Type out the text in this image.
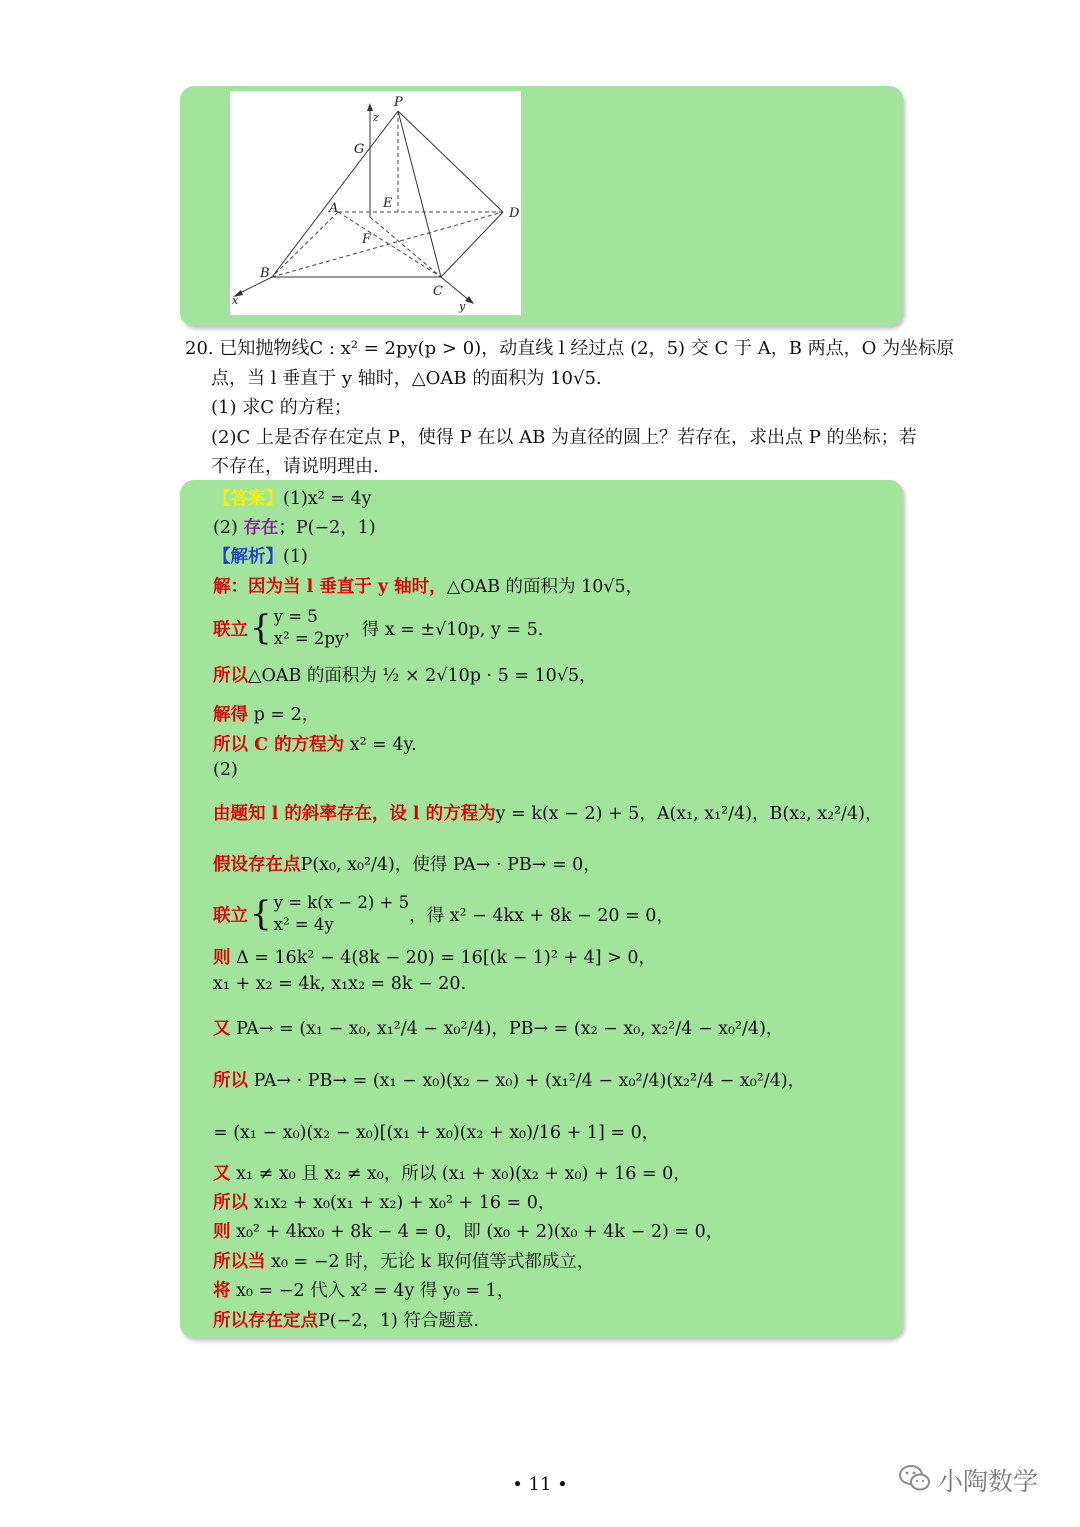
P
z
G
A	E
D
F
B
C
x	y
20. 已知抛物线C : x² = 2py(p > 0)，动直线 l 经过点 (2，5) 交 C 于 A，B 两点，O 为坐标原
点，当 l 垂直于 y 轴时，△OAB 的面积为 10√5.
(1) 求C 的方程；
(2)C 上是否存在定点 P，使得 P 在以 AB 为直径的圆上？若存在，求出点 P 的坐标；若
不存在，请说明理由.
【答案】(1)x² = 4y
(2) 存在；P(−2，1)
【解析】(1)
解：因为当 l 垂直于 y 轴时，△OAB 的面积为 10√5，
联立 { y = 5
x² = 2py ，得 x = ±√10p, y = 5.
所以△OAB 的面积为 ½ × 2√10p · 5 = 10√5，
解得 p = 2，
所以 C 的方程为 x² = 4y.
(2)
由题知 l 的斜率存在，设 l 的方程为y = k(x − 2) + 5，A(x₁, x₁²/4)，B(x₂, x₂²/4)，
假设存在点P(x₀, x₀²/4)，使得 PA→ · PB→ = 0，
联立 { y = k(x − 2) + 5
x² = 4y	，得 x² − 4kx + 8k − 20 = 0，
则 Δ = 16k² − 4(8k − 20) = 16[(k − 1)² + 4] > 0，
x₁ + x₂ = 4k, x₁x₂ = 8k − 20.
又 PA→ = (x₁ − x₀, x₁²/4 − x₀²/4)，PB→ = (x₂ − x₀, x₂²/4 − x₀²/4)，
所以 PA→ · PB→ = (x₁ − x₀)(x₂ − x₀) + (x₁²/4 − x₀²/4)(x₂²/4 − x₀²/4)，
= (x₁ − x₀)(x₂ − x₀)[(x₁ + x₀)(x₂ + x₀)/16 + 1] = 0，
又 x₁ ≠ x₀ 且 x₂ ≠ x₀，所以 (x₁ + x₀)(x₂ + x₀) + 16 = 0，
所以 x₁x₂ + x₀(x₁ + x₂) + x₀² + 16 = 0，
则 x₀² + 4kx₀ + 8k − 4 = 0，即 (x₀ + 2)(x₀ + 4k − 2) = 0，
所以当 x₀ = −2 时，无论 k 取何值等式都成立，
将 x₀ = −2 代入 x² = 4y 得 y₀ = 1，
所以存在定点P(−2，1) 符合题意.
• 11 •	小陶数学
